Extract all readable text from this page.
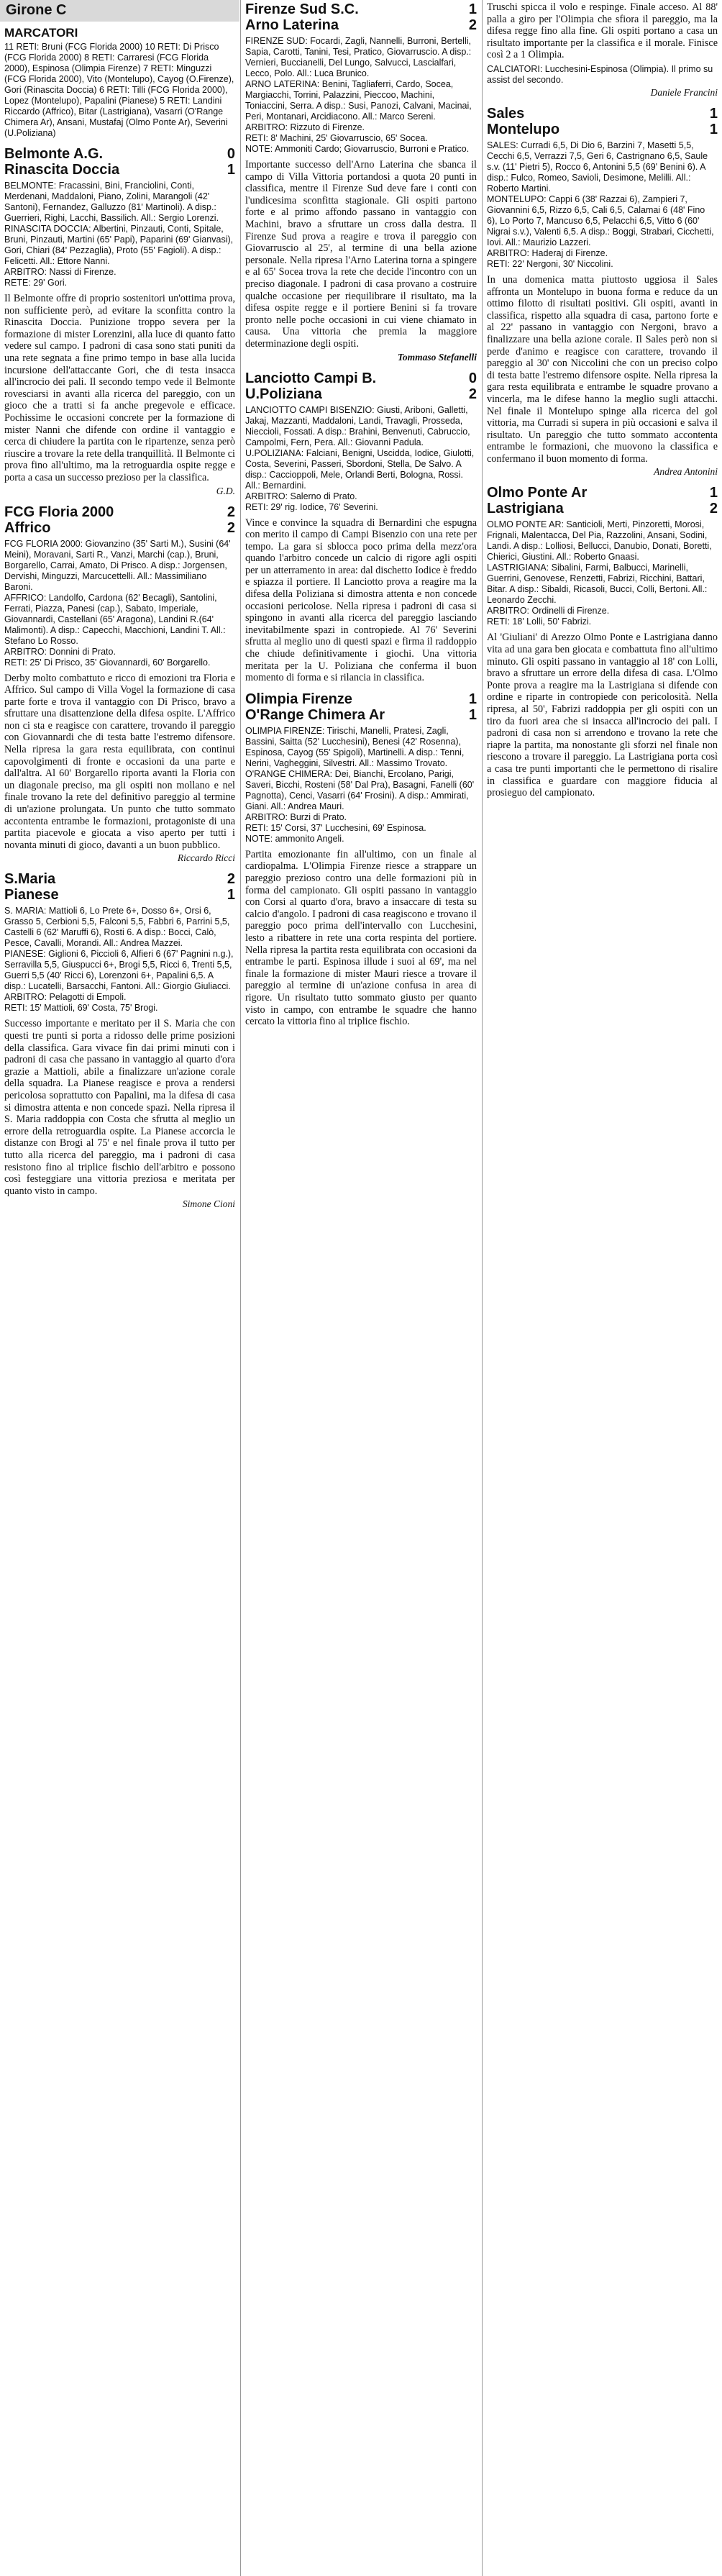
Girone C
MARCATORI
11 RETI: Bruni (FCG Florida 2000) 10 RETI: Di Prisco (FCG Florida 2000) 8 RETI: Carraresi (FCG Florida 2000), Espinosa (Olimpia Firenze) 7 RETI: Minguzzi (FCG Florida 2000), Vito (Montelupo), Cayog (O.Firenze), Gori (Rinascita Doccia) 6 RETI: Tilli (FCG Florida 2000), Lopez (Montelupo), Papalini (Pianese) 5 RETI: Landini Riccardo (Affrico), Bitar (Lastrigiana), Vasarri (O'Range Chimera Ar), Ansani, Mustafaj (Olmo Ponte Ar), Severini (U.Poliziana)
Belmonte A.G.	0
Rinascita Doccia	1
BELMONTE: Fracassini, Bini, Franciolini, Conti, Merdenani, Maddaloni, Piano, Zolini, Marangoli (42' Santoni), Fernandez, Galluzzo (81' Martinoli). A disp.: Guerrieri, Righi, Lacchi, Bassilich. All.: Sergio Lorenzi.
RINASCITA DOCCIA: Albertini, Pinzauti, Conti, Spitale, Bruni, Pinzauti, Martini (65' Papi), Paparini (69' Gianvasi), Gori, Chiari (84' Pezzaglia), Proto (55' Fagioli). A disp.: Felicetti. All.: Ettore Nanni.
ARBITRO: Nassi di Firenze.
RETE: 29' Gori.
Il Belmonte offre di proprio sostenitori un'ottima prova, non sufficiente però, ad evitare la sconfitta contro la Rinascita Doccia. Punizione troppo severa per la formazione di mister Lorenzini, alla luce di quanto fatto vedere sul campo. I padroni di casa sono stati puniti da una rete segnata a fine primo tempo in base alla lucida incursione dell'attaccante Gori, che di testa insacca all'incrocio dei pali. Il secondo tempo vede il Belmonte rovesciarsi in avanti alla ricerca del pareggio, con un gioco che a tratti si fa anche pregevole e efficace. Pochissime le occasioni concrete per la formazione di mister Nanni che difende con ordine il vantaggio e cerca di chiudere la partita con le ripartenze, senza però riuscire a trovare la rete della tranquillità. Il Belmonte ci prova fino all'ultimo, ma la retroguardia ospite regge e porta a casa un successo prezioso per la classifica.
G.D.
FCG Floria 2000	2
Affrico	2
FCG FLORIA 2000: Giovanzino (35' Sarti M.), Susini (64' Meini), Moravani, Sarti R., Vanzi, Marchi (cap.), Bruni, Borgarello, Carrai, Amato, Di Prisco. A disp.: Jorgensen, Dervishi, Minguzzi, Marcucettelli. All.: Massimiliano Baroni.
AFFRICO: Landolfo, Cardona (62' Becagli), Santolini, Ferrati, Piazza, Panesi (cap.), Sabato, Imperiale, Giovannardi, Castellani (65' Aragona), Landini R.(64' Malimonti). A disp.: Capecchi, Macchioni, Landini T. All.: Stefano Lo Rosso.
ARBITRO: Donnini di Prato.
RETI: 25' Di Prisco, 35' Giovannardi, 60' Borgarello.
Derby molto combattuto e ricco di emozioni tra Floria e Affrico. Sul campo di Villa Vogel la formazione di casa parte forte e trova il vantaggio con Di Prisco, bravo a sfruttare una disattenzione della difesa ospite. L'Affrico non ci sta e reagisce con carattere, trovando il pareggio con Giovannardi che di testa batte l'estremo difensore. Nella ripresa la gara resta equilibrata, con continui capovolgimenti di fronte e occasioni da una parte e dall'altra. Al 60' Borgarello riporta avanti la Floria con un diagonale preciso, ma gli ospiti non mollano e nel finale trovano la rete del definitivo pareggio al termine di un'azione prolungata. Un punto che tutto sommato accontenta entrambe le formazioni, protagoniste di una partita piacevole e giocata a viso aperto per tutti i novanta minuti di gioco, davanti a un buon pubblico.
Riccardo Ricci
S.Maria	2
Pianese	1
S. MARIA: Mattioli 6, Lo Prete 6+, Dosso 6+, Orsi 6, Grasso 5, Cerbioni 5,5, Falconi 5,5, Fabbri 6, Parrini 5,5, Castelli 6 (62' Maruffi 6), Rosti 6. A disp.: Bocci, Calò, Pesce, Cavalli, Morandi. All.: Andrea Mazzei.
PIANESE: Giglioni 6, Piccioli 6, Alfieri 6 (67' Pagnini n.g.), Serravilla 5,5, Giuspucci 6+, Brogi 5,5, Ricci 6, Trenti 5,5, Guerri 5,5 (40' Ricci 6), Lorenzoni 6+, Papalini 6,5. A disp.: Lucatelli, Barsacchi, Fantoni. All.: Giorgio Giuliacci.
ARBITRO: Pelagotti di Empoli.
RETI: 15' Mattioli, 69' Costa, 75' Brogi.
Successo importante e meritato per il S. Maria che con questi tre punti si porta a ridosso delle prime posizioni della classifica. Gara vivace fin dai primi minuti con i padroni di casa che passano in vantaggio al quarto d'ora grazie a Mattioli, abile a finalizzare un'azione corale della squadra. La Pianese reagisce e prova a rendersi pericolosa soprattutto con Papalini, ma la difesa di casa si dimostra attenta e non concede spazi. Nella ripresa il S. Maria raddoppia con Costa che sfrutta al meglio un errore della retroguardia ospite. La Pianese accorcia le distanze con Brogi al 75' e nel finale prova il tutto per tutto alla ricerca del pareggio, ma i padroni di casa resistono fino al triplice fischio dell'arbitro e possono così festeggiare una vittoria preziosa e meritata per quanto visto in campo.
Simone Cioni
Firenze Sud S.C.	1
Arno Laterina	2
FIRENZE SUD: Focardi, Zagli, Nannelli, Burroni, Bertelli, Sapia, Carotti, Tanini, Tesi, Pratico, Giovarruscio. A disp.: Vernieri, Buccianelli, Del Lungo, Salvucci, Lascialfari, Lecco, Polo. All.: Luca Brunico.
ARNO LATERINA: Benini, Tagliaferri, Cardo, Socea, Margiacchi, Torrini, Palazzini, Pieccoo, Machini, Toniaccini, Serra. A disp.: Susi, Panozi, Calvani, Macinai, Peri, Montanari, Arcidiacono. All.: Marco Sereni.
ARBITRO: Rizzuto di Firenze.
RETI: 8' Machini, 25' Giovarruscio, 65' Socea.
NOTE: Ammoniti Cardo; Giovarruscio, Burroni e Pratico.
Importante successo dell'Arno Laterina che sbanca il campo di Villa Vittoria portandosi a quota 20 punti in classifica, mentre il Firenze Sud deve fare i conti con l'undicesima sconfitta stagionale. Gli ospiti partono forte e al primo affondo passano in vantaggio con Machini, bravo a sfruttare un cross dalla destra. Il Firenze Sud prova a reagire e trova il pareggio con Giovarruscio al 25', al termine di una bella azione personale. Nella ripresa l'Arno Laterina torna a spingere e al 65' Socea trova la rete che decide l'incontro con un preciso diagonale. I padroni di casa provano a costruire qualche occasione per riequilibrare il risultato, ma la difesa ospite regge e il portiere Benini si fa trovare pronto nelle poche occasioni in cui viene chiamato in causa. Una vittoria che premia la maggiore determinazione degli ospiti.
Tommaso Stefanelli
Lanciotto Campi B.	0
U.Poliziana	2
LANCIOTTO CAMPI BISENZIO: Giusti, Ariboni, Galletti, Jakaj, Mazzanti, Maddaloni, Landi, Travagli, Prosseda, Nieccioli, Fossati. A disp.: Brahini, Benvenuti, Cabruccio, Campolmi, Fern, Pera. All.: Giovanni Padula.
U.POLIZIANA: Falciani, Benigni, Uscidda, Iodice, Giulotti, Costa, Severini, Passeri, Sbordoni, Stella, De Salvo. A disp.: Caccioppoli, Mele, Orlandi Berti, Bologna, Rossi. All.: Bernardini.
ARBITRO: Salerno di Prato.
RETI: 29' rig. Iodice, 76' Severini.
Vince e convince la squadra di Bernardini che espugna con merito il campo di Campi Bisenzio con una rete per tempo. La gara si sblocca poco prima della mezz'ora quando l'arbitro concede un calcio di rigore agli ospiti per un atterramento in area: dal dischetto Iodice è freddo e spiazza il portiere. Il Lanciotto prova a reagire ma la difesa della Poliziana si dimostra attenta e non concede occasioni pericolose. Nella ripresa i padroni di casa si spingono in avanti alla ricerca del pareggio lasciando inevitabilmente spazi in contropiede. Al 76' Severini sfrutta al meglio uno di questi spazi e firma il raddoppio che chiude definitivamente i giochi. Una vittoria meritata per la U. Poliziana che conferma il buon momento di forma e si rilancia in classifica.
Olimpia Firenze	1
O'Range Chimera Ar	1
OLIMPIA FIRENZE: Tirischi, Manelli, Pratesi, Zagli, Bassini, Saitta (52' Lucchesini), Benesi (42' Rosenna), Espinosa, Cayog (55' Spigoli), Martinelli. A disp.: Tenni, Nerini, Vagheggini, Silvestri. All.: Massimo Trovato.
O'RANGE CHIMERA: Dei, Bianchi, Ercolano, Parigi, Saveri, Bicchi, Rosteni (58' Dal Pra), Basagni, Fanelli (60' Pagnotta), Cenci, Vasarri (64' Frosini). A disp.: Ammirati, Giani. All.: Andrea Mauri.
ARBITRO: Burzi di Prato.
RETI: 15' Corsi, 37' Lucchesini, 69' Espinosa.
NOTE: ammonito Angeli.
Partita emozionante fin all'ultimo, con un finale al cardiopalma. L'Olimpia Firenze riesce a strappare un pareggio prezioso contro una delle formazioni più in forma del campionato. Gli ospiti passano in vantaggio con Corsi al quarto d'ora, bravo a insaccare di testa su calcio d'angolo. I padroni di casa reagiscono e trovano il pareggio poco prima dell'intervallo con Lucchesini, lesto a ribattere in rete una corta respinta del portiere. Nella ripresa la partita resta equilibrata con occasioni da entrambe le parti. Espinosa illude i suoi al 69', ma nel finale la formazione di mister Mauri riesce a trovare il pareggio al termine di un'azione confusa in area di rigore. Un risultato tutto sommato giusto per quanto visto in campo, con entrambe le squadre che hanno cercato la vittoria fino al triplice fischio.
Truschi spicca il volo e respinge. Finale acceso. Al 88' palla a giro per l'Olimpia che sfiora il pareggio, ma la difesa regge fino alla fine. Gli ospiti portano a casa un risultato importante per la classifica e il morale. Finisce così 2 a 1 Olimpia.
CALCIATORI: Lucchesini-Espinosa (Olimpia). Il primo su assist del secondo.
Daniele Francini
Sales	1
Montelupo	1
SALES: Curradi 6,5, Di Dio 6, Barzini 7, Masetti 5,5, Cecchi 6,5, Verrazzi 7,5, Geri 6, Castrignano 6,5, Saule s.v. (11' Pietri 5), Rocco 6, Antonini 5,5 (69' Benini 6). A disp.: Fulco, Romeo, Savioli, Desimone, Melilli. All.: Roberto Martini.
MONTELUPO: Cappi 6 (38' Razzai 6), Zampieri 7, Giovannini 6,5, Rizzo 6,5, Cali 6,5, Calamai 6 (48' Fino 6), Lo Porto 7, Mancuso 6,5, Pelacchi 6,5, Vitto 6 (60' Nigrai s.v.), Valenti 6,5. A disp.: Boggi, Strabari, Cicchetti, Iovi. All.: Maurizio Lazzeri.
ARBITRO: Haderaj di Firenze.
RETI: 22' Nergoni, 30' Niccolini.
In una domenica matta piuttosto uggiosa il Sales affronta un Montelupo in buona forma e reduce da un ottimo filotto di risultati positivi. Gli ospiti, avanti in classifica, rispetto alla squadra di casa, partono forte e al 22' passano in vantaggio con Nergoni, bravo a finalizzare una bella azione corale. Il Sales però non si perde d'animo e reagisce con carattere, trovando il pareggio al 30' con Niccolini che con un preciso colpo di testa batte l'estremo difensore ospite. Nella ripresa la gara resta equilibrata e entrambe le squadre provano a vincerla, ma le difese hanno la meglio sugli attacchi. Nel finale il Montelupo spinge alla ricerca del gol vittoria, ma Curradi si supera in più occasioni e salva il risultato. Un pareggio che tutto sommato accontenta entrambe le formazioni, che muovono la classifica e confermano il buon momento di forma.
Andrea Antonini
Olmo Ponte Ar	1
Lastrigiana	2
OLMO PONTE AR: Santicioli, Merti, Pinzoretti, Morosi, Frignali, Malentacca, Del Pia, Razzolini, Ansani, Sodini, Landi. A disp.: Lolliosi, Bellucci, Danubio, Donati, Boretti, Chierici, Giustini. All.: Roberto Gnaasi.
LASTRIGIANA: Sibalini, Farmi, Balbucci, Marinelli, Guerrini, Genovese, Renzetti, Fabrizi, Ricchini, Battari, Bitar. A disp.: Sibaldi, Ricasoli, Bucci, Colli, Bertoni. All.: Leonardo Zecchi.
ARBITRO: Ordinelli di Firenze.
RETI: 18' Lolli, 50' Fabrizi.
Al 'Giuliani' di Arezzo Olmo Ponte e Lastrigiana danno vita ad una gara ben giocata e combattuta fino all'ultimo minuto. Gli ospiti passano in vantaggio al 18' con Lolli, bravo a sfruttare un errore della difesa di casa. L'Olmo Ponte prova a reagire ma la Lastrigiana si difende con ordine e riparte in contropiede con pericolosità. Nella ripresa, al 50', Fabrizi raddoppia per gli ospiti con un tiro da fuori area che si insacca all'incrocio dei pali. I padroni di casa non si arrendono e trovano la rete che riapre la partita, ma nonostante gli sforzi nel finale non riescono a trovare il pareggio. La Lastrigiana porta così a casa tre punti importanti che le permettono di risalire in classifica e guardare con maggiore fiducia al prosieguo del campionato.
